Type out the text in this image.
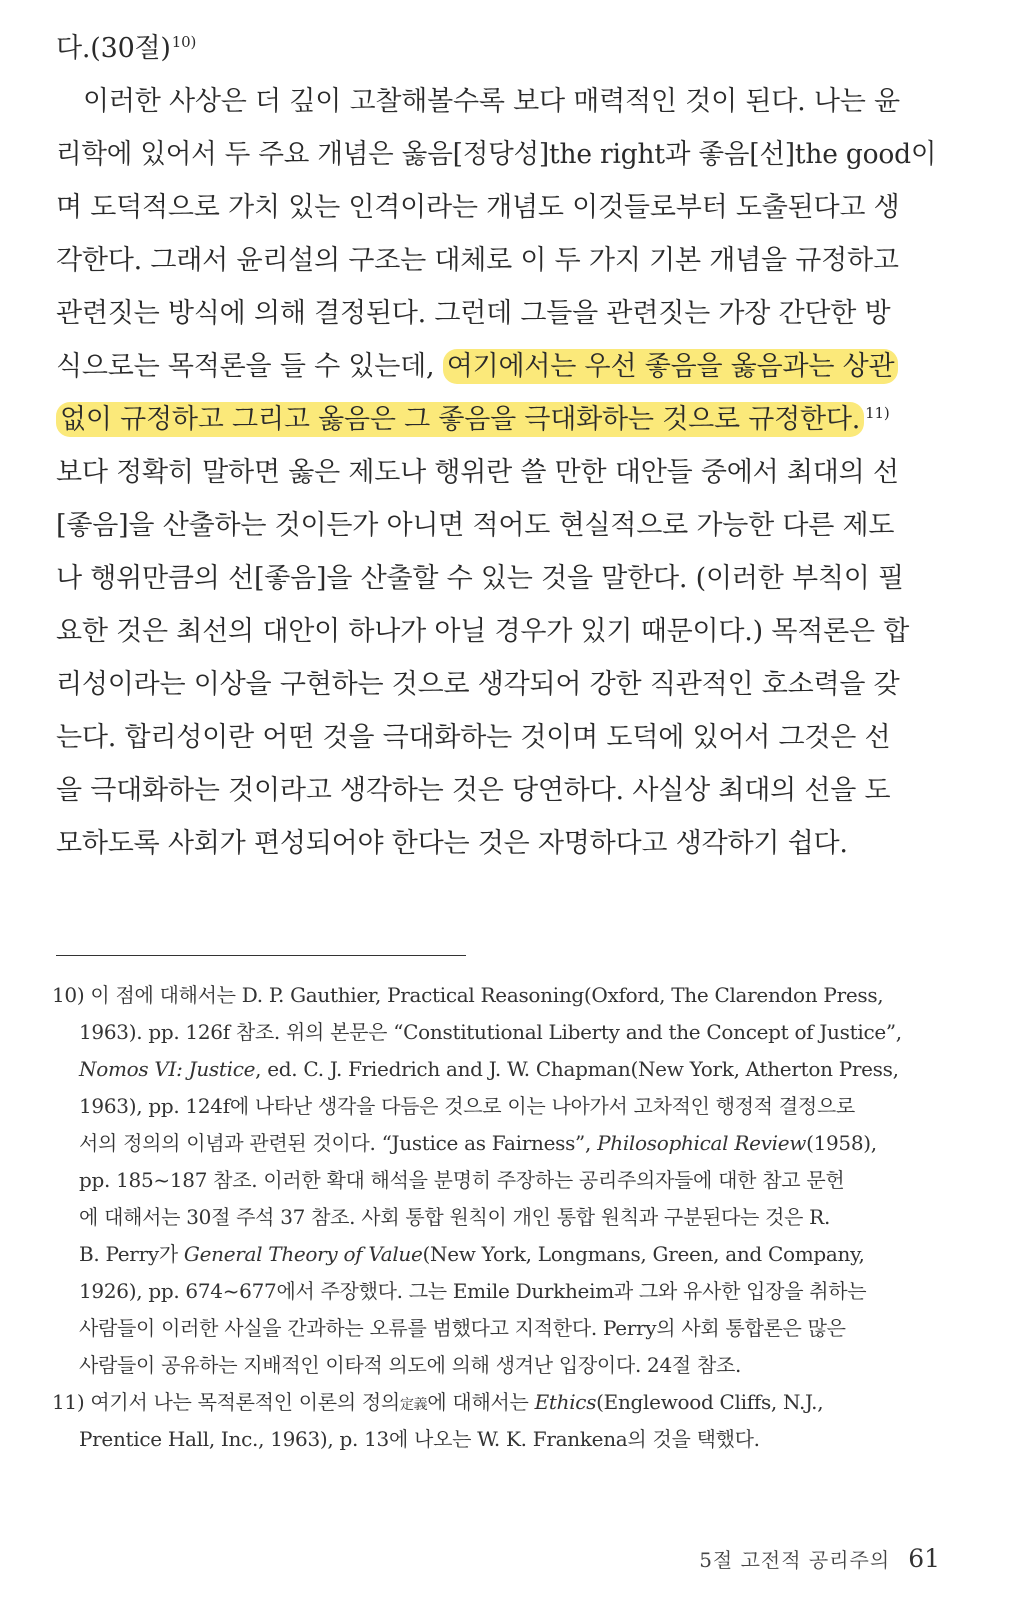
다.(30절)$^{10)}$
이러한 사상은 더 깊이 고찰해볼수록 보다 매력적인 것이 된다. 나는 윤
리학에 있어서 두 주요 개념은 옳음[정당성]the right과 좋음[선]the good이
며 도덕적으로 가치 있는 인격이라는 개념도 이것들로부터 도출된다고 생
각한다. 그래서 윤리설의 구조는 대체로 이 두 가지 기본 개념을 규정하고
관련짓는 방식에 의해 결정된다. 그런데 그들을 관련짓는 가장 간단한 방
식으로는 목적론을 들 수 있는데, 여기에서는 우선 좋음을 옳음과는 상관
없이 규정하고 그리고 옳음은 그 좋음을 극대화하는 것으로 규정한다. $^{11)}$
보다 정확히 말하면 옳은 제도나 행위란 쓸 만한 대안들 중에서 최대의 선
[좋음]을 산출하는 것이든가 아니면 적어도 현실적으로 가능한 다른 제도
나 행위만큼의 선[좋음]을 산출할 수 있는 것을 말한다. (이러한 부칙이 필
요한 것은 최선의 대안이 하나가 아닐 경우가 있기 때문이다.) 목적론은 합
리성이라는 이상을 구현하는 것으로 생각되어 강한 직관적인 호소력을 갖
는다. 합리성이란 어떤 것을 극대화하는 것이며 도덕에 있어서 그것은 선
을 극대화하는 것이라고 생각하는 것은 당연하다. 사실상 최대의 선을 도
모하도록 사회가 편성되어야 한다는 것은 자명하다고 생각하기 쉽다.
10) 이 점에 대해서는 D. P. Gauthier, Practical Reasoning(Oxford, The Clarendon Press,
1963). pp. 126f 참조. 위의 본문은 “Constitutional Liberty and the Concept of Justice”,
Nomos VI: Justice, ed. C. J. Friedrich and J. W. Chapman(New York, Atherton Press,
1963), pp. 124f에 나타난 생각을 다듬은 것으로 이는 나아가서 고차적인 행정적 결정으로
서의 정의의 이념과 관련된 것이다. “Justice as Fairness”, Philosophical Review(1958),
pp. 185~187 참조. 이러한 확대 해석을 분명히 주장하는 공리주의자들에 대한 참고 문헌
에 대해서는 30절 주석 37 참조. 사회 통합 원칙이 개인 통합 원칙과 구분된다는 것은 R.
B. Perry가 General Theory of Value(New York, Longmans, Green, and Company,
1926), pp. 674~677에서 주장했다. 그는 Emile Durkheim과 그와 유사한 입장을 취하는
사람들이 이러한 사실을 간과하는 오류를 범했다고 지적한다. Perry의 사회 통합론은 많은
사람들이 공유하는 지배적인 이타적 의도에 의해 생겨난 입장이다. 24절 참조.
11) 여기서 나는 목적론적인 이론의 정의定義에 대해서는 Ethics(Englewood Cliffs, N.J.,
Prentice Hall, Inc., 1963), p. 13에 나오는 W. K. Frankena의 것을 택했다.
5절 고전적 공리주의 61
